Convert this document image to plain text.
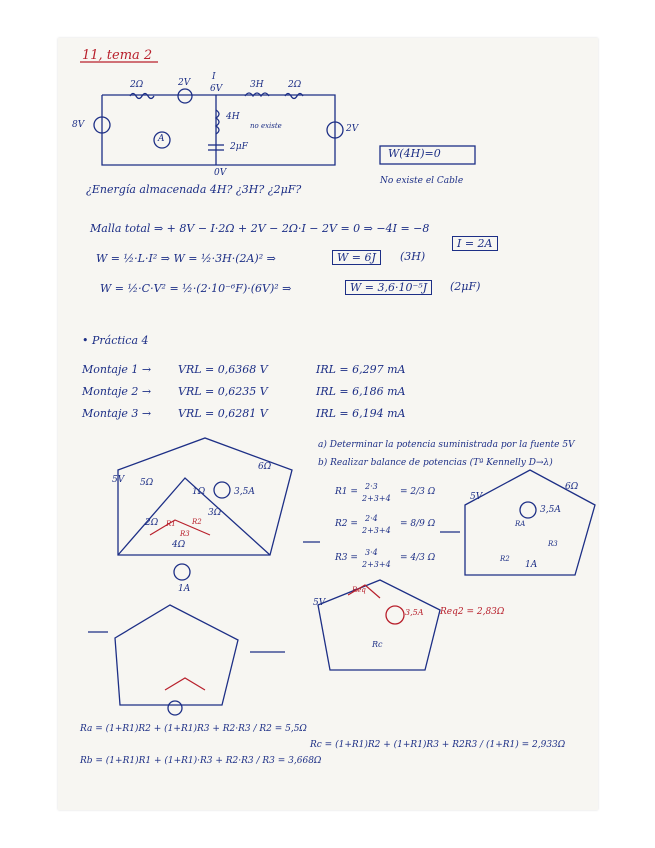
11, tema 2
2Ω	2V
I
6V	3H	2Ω
8V
A
4H
no existe
2μF
2V
0V
W(4H)=0
No existe el Cable
¿Energía almacenada 4H? ¿3H? ¿2μF?
Malla total ⇒ + 8V − I·2Ω + 2V − 2Ω·I − 2V = 0 ⇒ −4I = −8
I = 2A
W = ½·L·I² ⇒ W = ½·3H·(2A)² ⇒	W = 6J	(3H)
W = ½·C·V² = ½·(2·10⁻⁶F)·(6V)² ⇒	W = 3,6·10⁻⁵J	(2μF)
• Práctica 4
Montaje 1 → VRL = 0,6368 V	IRL = 6,297 mA
Montaje 2 → VRL = 0,6235 V	IRL = 6,186 mA
Montaje 3 → VRL = 0,6281 V	IRL = 6,194 mA
a) Determinar la potencia suministrada por la fuente 5V
b) Realizar balance de potencias (Tª Kennelly D→λ)
R1 =
2·3
2+3+4
= 2/3 Ω
R2 =
2·4
2+3+4
= 8/9 Ω
R3 =
3·4
2+3+4
= 4/3 Ω
5V 5Ω
6Ω
1Ω	3,5A
2Ω
3Ω
4Ω
1A
R1 R2
R3
5V
6Ω
3,5A
RA
R2
R3
1A
5V
Req
Rc
3,5A Req2 = 2,83Ω
Ra = (1+R1)R2 + (1+R1)R3 + R2·R3 / R2 = 5,5Ω
Rb = (1+R1)R1 + (1+R1)·R3 + R2·R3 / R3 = 3,668Ω
Rc = (1+R1)R2 + (1+R1)R3 + R2R3 / (1+R1) = 2,933Ω
